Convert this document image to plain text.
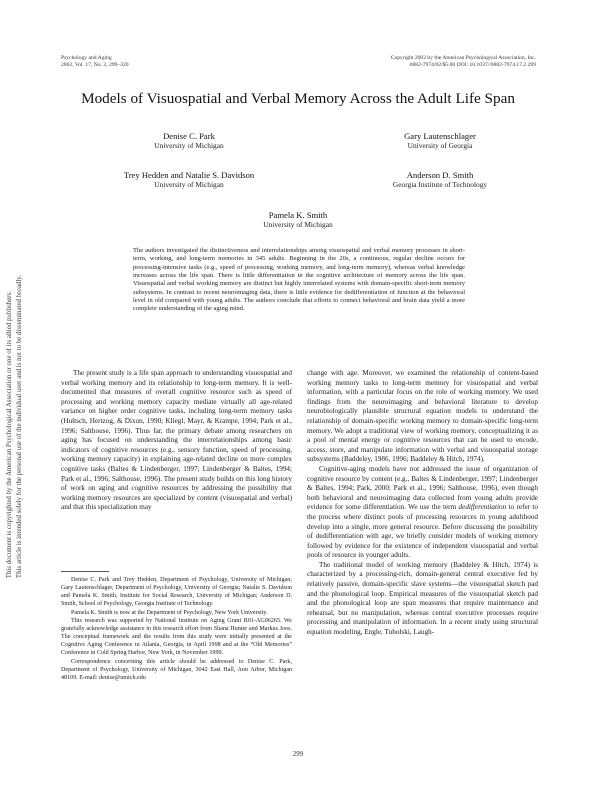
Psychology and Aging
2002, Vol. 17, No. 2, 299–320
Copyright 2002 by the American Psychological Association, Inc.
0882-7974/02/$5.00 DOI: 10.1037//0882-7974.17.2.299
Models of Visuospatial and Verbal Memory Across the Adult Life Span
Denise C. Park
University of Michigan
Gary Lautenschlager
University of Georgia
Trey Hedden and Natalie S. Davidson
University of Michigan
Anderson D. Smith
Georgia Institute of Technology
Pamela K. Smith
University of Michigan
The authors investigated the distinctiveness and interrelationships among visuospatial and verbal memory processes in short-term, working, and long-term memories in 345 adults. Beginning in the 20s, a continuous, regular decline occurs for processing-intensive tasks (e.g., speed of processing, working memory, and long-term memory), whereas verbal knowledge increases across the life span. There is little differentiation in the cognitive architecture of memory across the life span. Visuospatial and verbal working memory are distinct but highly interrelated systems with domain-specific short-term memory subsystems. In contrast to recent neuroimaging data, there is little evidence for dedifferentiation of function at the behavioral level in old compared with young adults. The authors conclude that efforts to connect behavioral and brain data yield a more complete understanding of the aging mind.

The present study is a life span approach to understanding visuospatial and verbal working memory and its relationship to long-term memory. It is well-documented that measures of overall cognitive resource such as speed of processing and working memory capacity mediate virtually all age-related variance on higher order cognitive tasks, including long-term memory tasks (Hultsch, Hertzog, & Dixon, 1990; Kliegl, Mayr, & Krampe, 1994; Park et al., 1996; Salthouse, 1996). Thus far, the primary debate among researchers on aging has focused on understanding the interrelationships among basic indicators of cognitive resources (e.g., sensory function, speed of processing, working memory capacity) in explaining age-related decline on more complex cognitive tasks (Baltes & Lindenberger, 1997; Lindenberger & Baltes, 1994; Park et al., 1996; Salthouse, 1996). The present study builds on this long history of work on aging and cognitive resources by addressing the possibility that working memory resources are specialized by content (visuospatial and verbal) and that this specialization may

Denise C. Park and Trey Hedden, Department of Psychology, University of Michigan; Gary Lautenschlager, Department of Psychology, University of Georgia; Natalie S. Davidson and Pamela K. Smith, Institute for Social Research, University of Michigan; Anderson D. Smith, School of Psychology, Georgia Institute of Technology.

Pamela K. Smith is now at the Department of Psychology, New York University.

This research was supported by National Institute on Aging Grant R01-AG06265. We gratefully acknowledge assistance in this research effort from Shana Hunter and Markus Joos. The conceptual framework and the results from this study were initially presented at the Cognitive Aging Conference in Atlanta, Georgia, in April 1998 and at the “Old Memories” Conference in Cold Spring Harbor, New York, in November 1999.

Correspondence concerning this article should be addressed to Denise C. Park, Department of Psychology, University of Michigan, 3042 East Hall, Ann Arbor, Michigan 48109. E-mail: denise@umich.edu

change with age. Moreover, we examined the relationship of content-based working memory tasks to long-term memory for visuospatial and verbal information, with a particular focus on the role of working memory. We used findings from the neuroimaging and behavioral literature to develop neurobiologically plausible structural equation models to understand the relationship of domain-specific working memory to domain-specific long-term memory. We adopt a traditional view of working memory, conceptualizing it as a pool of mental energy or cognitive resources that can be used to encode, access, store, and manipulate information with verbal and visuospatial storage subsystems (Baddeley, 1986, 1996; Baddeley & Hitch, 1974).

Cognitive-aging models have not addressed the issue of organization of cognitive resource by content (e.g., Baltes & Lindenberger, 1997; Lindenberger & Baltes, 1994; Park, 2000; Park et al., 1996; Salthouse, 1996), even though both behavioral and neuroimaging data collected from young adults provide evidence for some differentiation. We use the term dedifferentiation to refer to the process where distinct pools of processing resources in young adulthood develop into a single, more general resource. Before discussing the possibility of dedifferentiation with age, we briefly consider models of working memory followed by evidence for the existence of independent visuospatial and verbal pools of resource in younger adults.

The traditional model of working memory (Baddeley & Hitch, 1974) is characterized by a processing-rich, domain-general central executive fed by relatively passive, domain-specific slave systems—the visuospatial sketch pad and the phonological loop. Empirical measures of the visuospatial sketch pad and the phonological loop are span measures that require maintenance and rehearsal, but no manipulation, whereas central executive processes require processing and manipulation of information. In a recent study using structural equation modeling, Engle, Tuholski, Laugh-

This document is copyrighted by the American Psychological Association or one of its allied publishers. This article is intended solely for the personal use of the individual user and is not to be disseminated broadly.
299
